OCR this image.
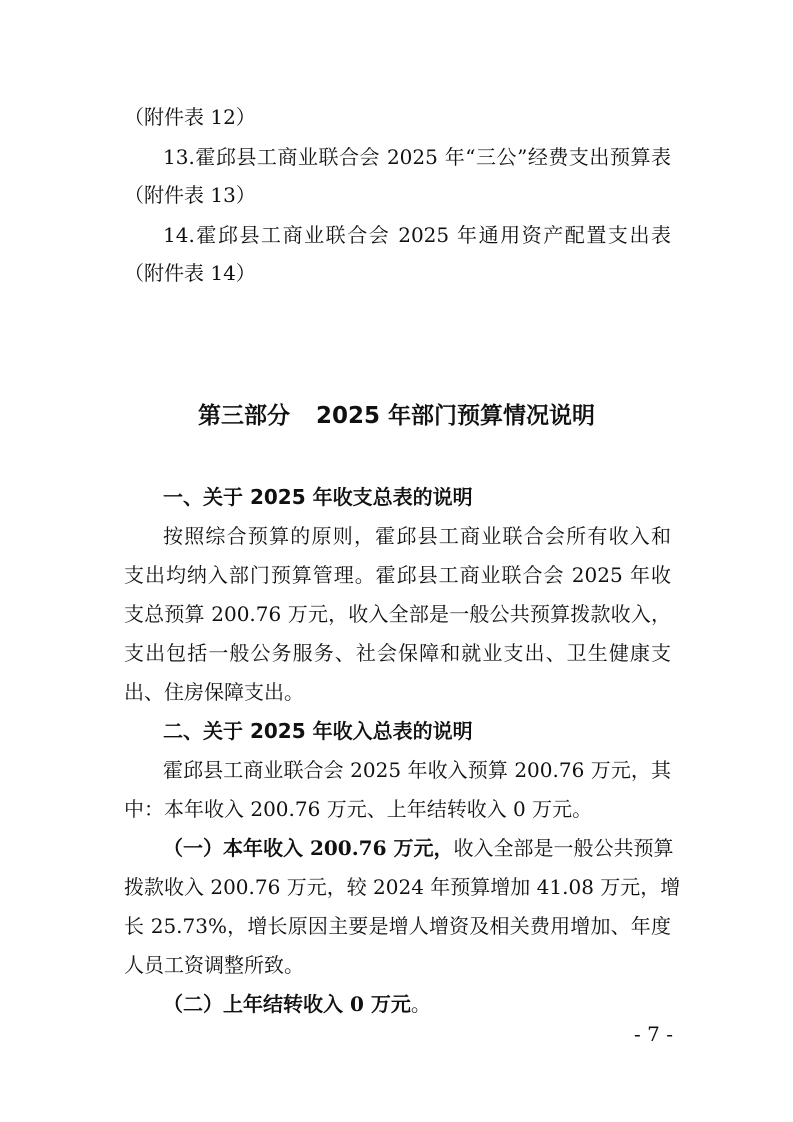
（附件表 12）
13.霍邱县工商业联合会 2025 年“三公”经费支出预算表
（附件表 13）
14.霍邱县工商业联合会 2025 年通用资产配置支出表
（附件表 14）
第三部分 2025 年部门预算情况说明
一、关于 2025 年收支总表的说明
按照综合预算的原则，霍邱县工商业联合会所有收入和
支出均纳入部门预算管理。霍邱县工商业联合会 2025 年收
支总预算 200.76 万元，收入全部是一般公共预算拨款收入，
支出包括一般公务服务、社会保障和就业支出、卫生健康支
出、住房保障支出。
二、关于 2025 年收入总表的说明
霍邱县工商业联合会 2025 年收入预算 200.76 万元，其
中：本年收入 200.76 万元、上年结转收入 0 万元。
（一）本年收入 200.76 万元，收入全部是一般公共预算
拨款收入 200.76 万元，较 2024 年预算增加 41.08 万元，增
长 25.73%，增长原因主要是增人增资及相关费用增加、年度
人员工资调整所致。
（二）上年结转收入 0 万元。
- 7 -
